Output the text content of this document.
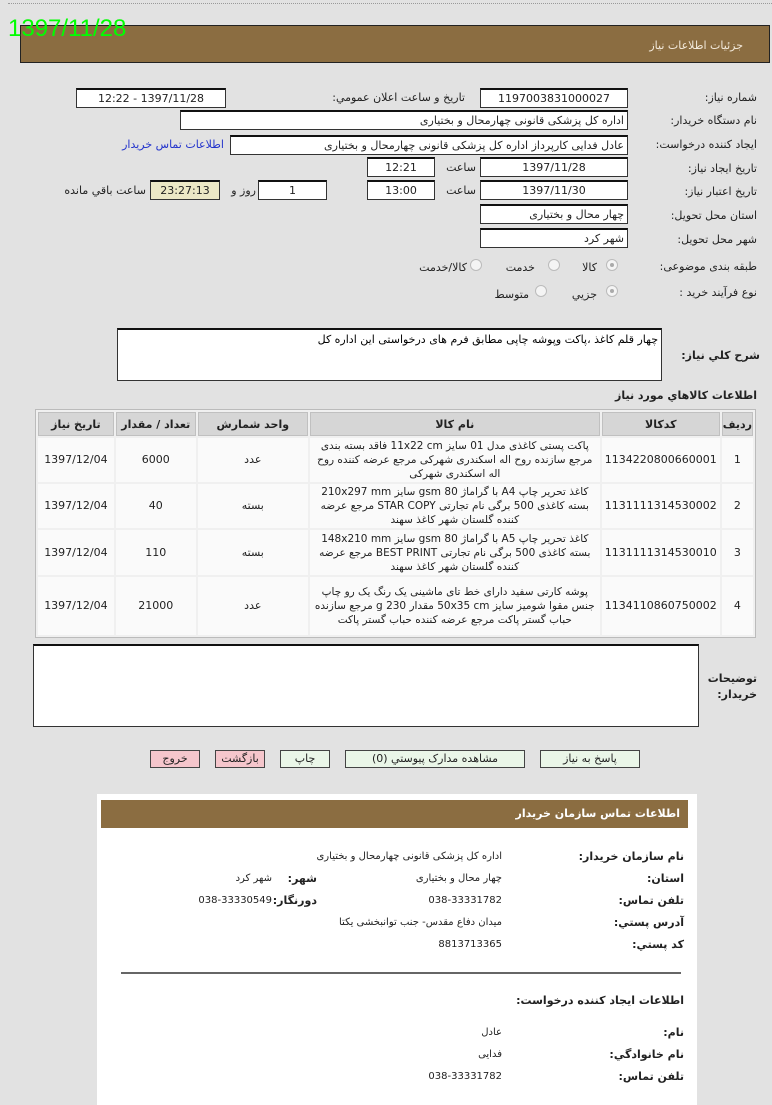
جزئيات اطلاعات نياز
1397/11/28
شماره نياز:
1197003831000027
تاريخ و ساعت اعلان عمومي:
1397/11/28 - 12:22
نام دستگاه خريدار:
اداره کل پزشکی قانونی چهارمحال و بختیاری
ايجاد کننده درخواست:
عادل فدایی کارپرداز اداره کل پزشکی قانونی چهارمحال و بختیاری
اطلاعات تماس خريدار
تاريخ ايجاد نياز:
1397/11/28
ساعت
12:21
تاريخ اعتبار نياز:
1397/11/30
ساعت
13:00
1
روز و
23:27:13
ساعت باقي مانده
استان محل تحويل:
چهار محال و بختیاری
شهر محل تحويل:
شهر کرد
طبقه بندی موضوعی:
کالا
خدمت
کالا/خدمت
نوع فرآيند خريد :
جزيي
متوسط
شرح کلي نياز:
چهار قلم کاغذ ،پاکت وپوشه چاپی مطابق فرم های درخواستی این اداره کل
اطلاعات کالاهاي مورد نياز
رديف	کدکالا	نام کالا	واحد شمارش	تعداد / مقدار	تاريخ نياز
1	1134220800660001	پاکت پستی کاغذی مدل 01 سایز 11x22 cm فاقد بسته بندی مرجع سازنده روح اله اسکندری شهرکی مرجع عرضه کننده روح اله اسکندری شهرکی	عدد	6000	1397/12/04
2	1131111314530002	کاغذ تحریر چاپ A4 با گراماژ 80 gsm سایز 210x297 mm بسته کاغذی 500 برگی نام تجارتی STAR COPY مرجع عرضه کننده گلستان شهر کاغذ سهند	بسته	40	1397/12/04
3	1131111314530010	کاغذ تحریر چاپ A5 با گراماژ 80 gsm سایز 148x210 mm بسته کاغذی 500 برگی نام تجارتی BEST PRINT مرجع عرضه کننده گلستان شهر کاغذ سهند	بسته	110	1397/12/04
4	1134110860750002	پوشه کارتی سفید دارای خط تای ماشینی یک رنگ یک رو چاپ جنس مقوا شومیز سایز 50x35 cm مقدار 230 g مرجع سازنده حباب گستر پاکت مرجع عرضه کننده حباب گستر پاکت	عدد	21000	1397/12/04
توضيحات خريدار:
پاسخ به نياز
مشاهده مدارک پيوستي (0)
چاپ
بازگشت
خروج
اطلاعات تماس سازمان خريدار
نام سازمان خريدار:
اداره کل پزشکی قانونی چهارمحال و بختیاری
استان:
چهار محال و بختیاری
شهر:
شهر کرد
تلفن تماس:
038-33331782
دورنگار:
038-33330549
آدرس پستي:
میدان دفاع مقدس- جنب توانبخشی یکتا
کد پستي:
8813713365
اطلاعات ايجاد کننده درخواست:
نام:
عادل
نام خانوادگي:
فدایی
تلفن تماس:
038-33331782
